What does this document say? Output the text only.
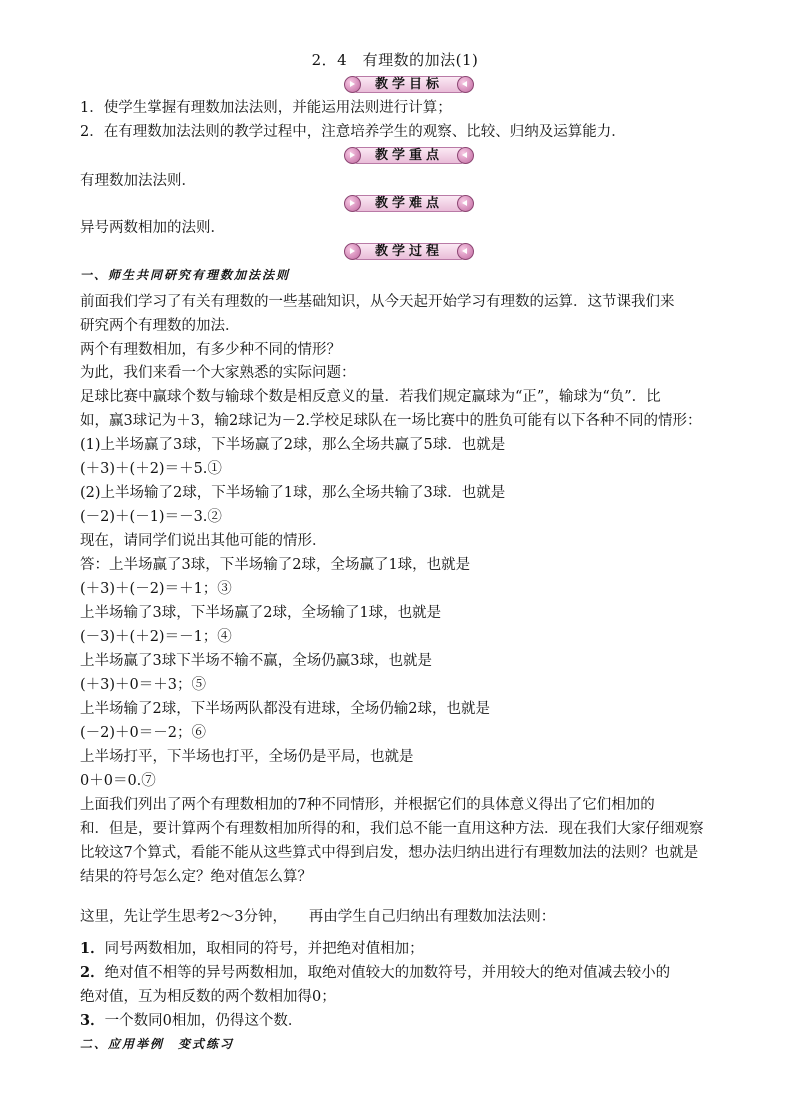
2．4　有理数的加法(1)
教学目标
1．使学生掌握有理数加法法则，并能运用法则进行计算；
2．在有理数加法法则的教学过程中，注意培养学生的观察、比较、归纳及运算能力．
教学重点
有理数加法法则．
教学难点
异号两数相加的法则．
教学过程
一、师生共同研究有理数加法法则
前面我们学习了有关有理数的一些基础知识，从今天起开始学习有理数的运算．这节课我们来
研究两个有理数的加法．
两个有理数相加，有多少种不同的情形？
为此，我们来看一个大家熟悉的实际问题：
足球比赛中赢球个数与输球个数是相反意义的量．若我们规定赢球为“正”，输球为“负”．比
如，赢3球记为＋3，输2球记为－2.学校足球队在一场比赛中的胜负可能有以下各种不同的情形：
(1)上半场赢了3球，下半场赢了2球，那么全场共赢了5球．也就是
(＋3)＋(＋2)＝＋5.①
(2)上半场输了2球，下半场输了1球，那么全场共输了3球．也就是
(－2)＋(－1)＝－3.②
现在，请同学们说出其他可能的情形．
答：上半场赢了3球，下半场输了2球，全场赢了1球，也就是
(＋3)＋(－2)＝＋1；③
上半场输了3球，下半场赢了2球，全场输了1球，也就是
(－3)＋(＋2)＝－1；④
上半场赢了3球下半场不输不赢，全场仍赢3球，也就是
(＋3)＋0＝＋3；⑤
上半场输了2球，下半场两队都没有进球，全场仍输2球，也就是
(－2)＋0＝－2；⑥
上半场打平，下半场也打平，全场仍是平局，也就是
0＋0＝0.⑦
上面我们列出了两个有理数相加的7种不同情形，并根据它们的具体意义得出了它们相加的
和．但是，要计算两个有理数相加所得的和，我们总不能一直用这种方法．现在我们大家仔细观察
比较这7个算式，看能不能从这些算式中得到启发，想办法归纳出进行有理数加法的法则？也就是
结果的符号怎么定？绝对值怎么算？
这里，先让学生思考2～3分钟，　　再由学生自己归纳出有理数加法法则：
1．同号两数相加，取相同的符号，并把绝对值相加；
2．绝对值不相等的异号两数相加，取绝对值较大的加数符号，并用较大的绝对值减去较小的
绝对值，互为相反数的两个数相加得0；
3．一个数同0相加，仍得这个数．
二、应用举例　变式练习
